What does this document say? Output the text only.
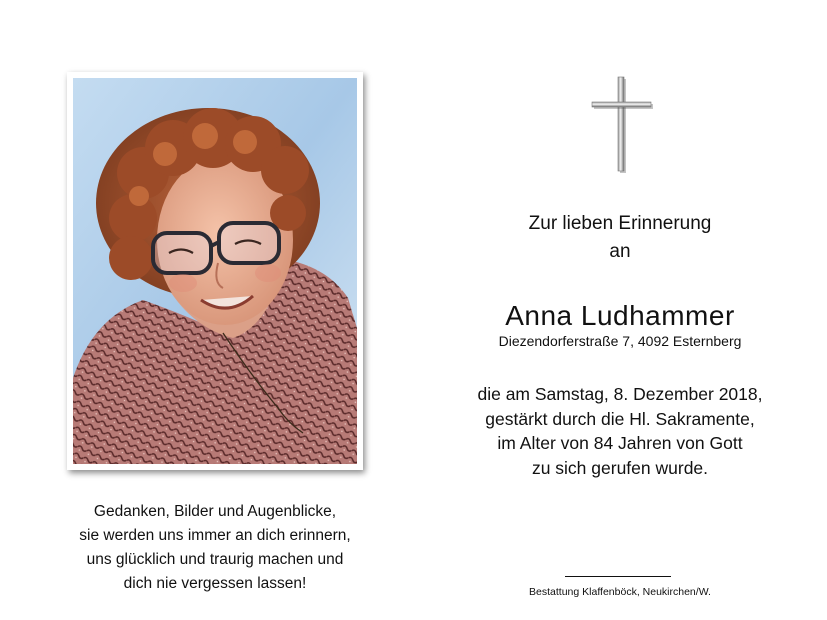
Gedanken, Bilder und Augenblicke,
sie werden uns immer an dich erinnern,
uns glücklich und traurig machen und
dich nie vergessen lassen!
Zur lieben Erinnerung
an
Anna Ludhammer
Diezendorferstraße 7, 4092 Esternberg
die am Samstag, 8. Dezember 2018,
gestärkt durch die Hl. Sakramente,
im Alter von 84 Jahren von Gott
zu sich gerufen wurde.
Bestattung Klaffenböck, Neukirchen/W.
